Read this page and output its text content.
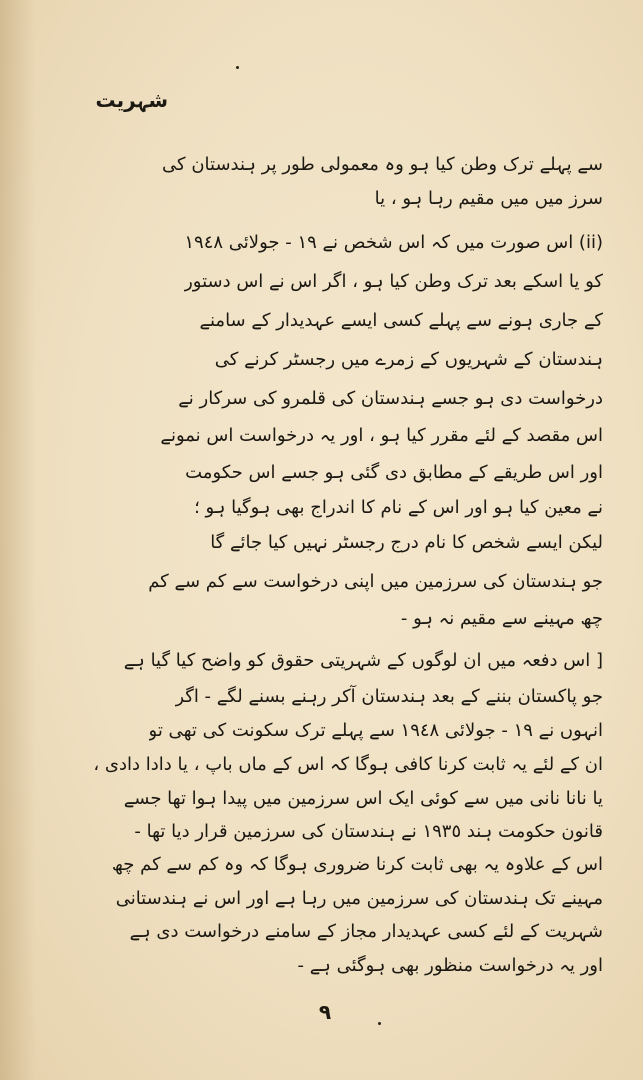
شہریت
سے پہلے ترک وطن کیا ہو وہ معمولی طور پر ہندستان کی
سرز میں میں مقیم رہا ہو ، یا
(ii) اس صورت میں کہ اس شخص نے ١٩ - جولائی ١٩٤٨
کو یا اسکے بعد ترک وطن کیا ہو ، اگر اس نے اس دستور
کے جاری ہونے سے پہلے کسی ایسے عہدیدار کے سامنے
ہندستان کے شہریوں کے زمرے میں رجسٹر کرنے کی
درخواست دی ہو جسے ہندستان کی قلمرو کی سرکار نے
اس مقصد کے لئے مقرر کیا ہو ، اور یہ درخواست اس نمونے
اور اس طریقے کے مطابق دی گئی ہو جسے اس حکومت
نے معین کیا ہو اور اس کے نام کا اندراج بھی ہوگیا ہو ؛
لیکن ایسے شخص کا نام درج رجسٹر نہیں کیا جائے گا
جو ہندستان کی سرزمین میں اپنی درخواست سے کم سے کم
چھ مہینے سے مقیم نہ ہو -
[ اس دفعہ میں ان لوگوں کے شہریتی حقوق کو واضح کیا گیا ہے
جو پاکستان بننے کے بعد ہندستان آکر رہنے بسنے لگے - اگر
انہوں نے ١٩ - جولائی ١٩٤٨ سے پہلے ترک سکونت کی تھی تو
ان کے لئے یہ ثابت کرنا کافی ہوگا کہ اس کے ماں باپ ، یا دادا دادی ،
یا نانا نانی میں سے کوئی ایک اس سرزمین میں پیدا ہوا تھا جسے
قانون حکومت ہند ١٩٣٥ نے ہندستان کی سرزمین قرار دیا تھا -
اس کے علاوہ یہ بھی ثابت کرنا ضروری ہوگا کہ وہ کم سے کم چھ
مہینے تک ہندستان کی سرزمین میں رہا ہے اور اس نے ہندستانی
شہریت کے لئے کسی عہدیدار مجاز کے سامنے درخواست دی ہے
اور یہ درخواست منظور بھی ہوگئی ہے -
۹
